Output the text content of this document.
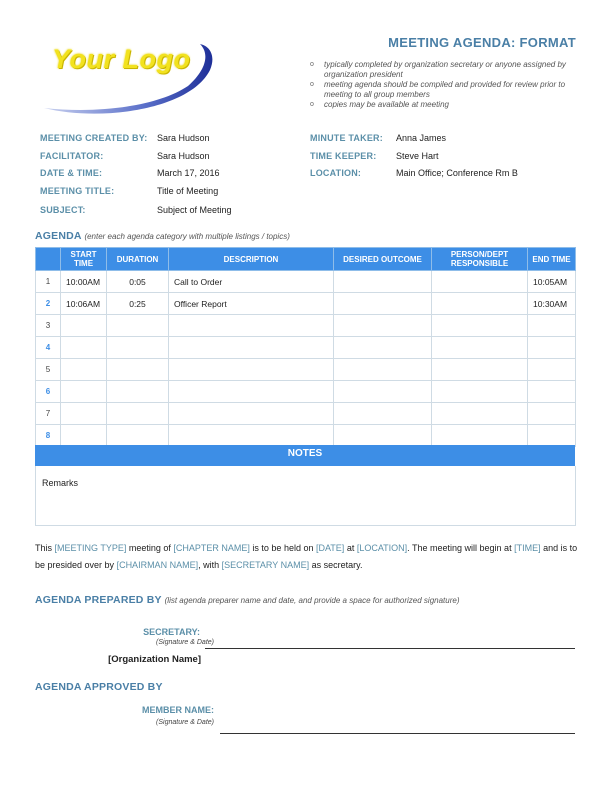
Your Logo
MEETING AGENDA: FORMAT
o typically completed by organization secretary or anyone assigned by organization president
o meeting agenda should be compiled and provided for review prior to meeting to all group members
o copies may be available at meeting
MEETING CREATED BY: Sara Hudson
FACILITATOR:	Sara Hudson
DATE & TIME:	March 17, 2016
MEETING TITLE:	Title of Meeting
SUBJECT:	Subject of Meeting
MINUTE TAKER: Anna James
TIME KEEPER: Steve Hart
LOCATION:	Main Office; Conference Rm B
AGENDA (enter each agenda category with multiple listings / topics)
	START TIME	DURATION	DESCRIPTION	DESIRED OUTCOME	PERSON/DEPT RESPONSIBLE	END TIME
1	10:00AM	0:05	Call to Order			10:05AM
2	10:06AM	0:25	Officer Report			10:30AM
3						
4						
5						
6						
7						
8						
NOTES
Remarks
This [MEETING TYPE] meeting of [CHAPTER NAME] is to be held on [DATE] at [LOCATION]. The meeting will begin at [TIME] and is to be presided over by [CHAIRMAN NAME], with [SECRETARY NAME] as secretary.
AGENDA PREPARED BY (list agenda preparer name and date, and provide a space for authorized signature)
SECRETARY:
(Signature & Date)
[Organization Name]
AGENDA APPROVED BY
MEMBER NAME:
(Signature & Date)
